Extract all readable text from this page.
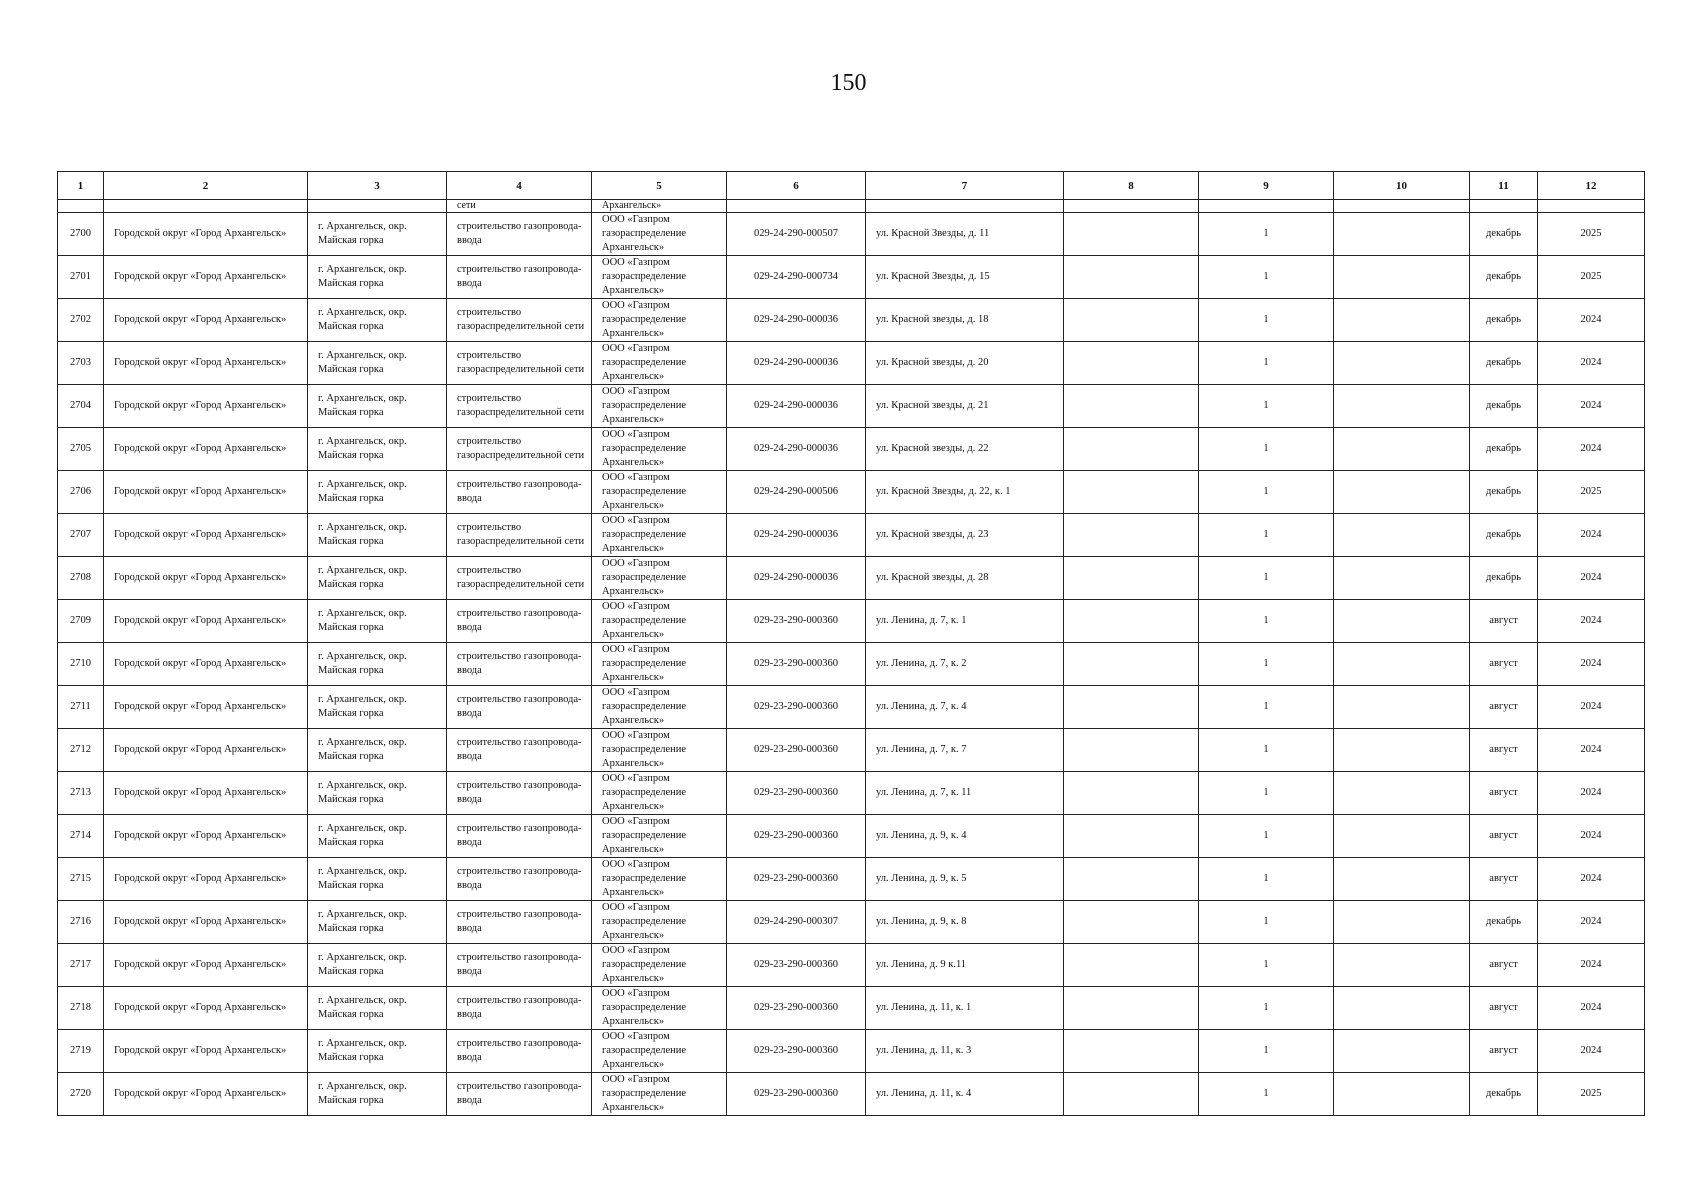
150
1	2	3	4	5	6	7	8	9	10	11	12
			сети	Архангельск»							
2700	Городской округ «Город Архангельск»	г. Архангельск, окр. Майская горка	строительство газопровода-ввода	ООО «Газпром газораспределение Архангельск»	029-24-290-000507	ул. Красной Звезды, д. 11		1		декабрь	2025
2701	Городской округ «Город Архангельск»	г. Архангельск, окр. Майская горка	строительство газопровода-ввода	ООО «Газпром газораспределение Архангельск»	029-24-290-000734	ул. Красной Звезды, д. 15		1		декабрь	2025
2702	Городской округ «Город Архангельск»	г. Архангельск, окр. Майская горка	строительство газораспределительной сети	ООО «Газпром газораспределение Архангельск»	029-24-290-000036	ул. Красной звезды, д. 18		1		декабрь	2024
2703	Городской округ «Город Архангельск»	г. Архангельск, окр. Майская горка	строительство газораспределительной сети	ООО «Газпром газораспределение Архангельск»	029-24-290-000036	ул. Красной звезды, д. 20		1		декабрь	2024
2704	Городской округ «Город Архангельск»	г. Архангельск, окр. Майская горка	строительство газораспределительной сети	ООО «Газпром газораспределение Архангельск»	029-24-290-000036	ул. Красной звезды, д. 21		1		декабрь	2024
2705	Городской округ «Город Архангельск»	г. Архангельск, окр. Майская горка	строительство газораспределительной сети	ООО «Газпром газораспределение Архангельск»	029-24-290-000036	ул. Красной звезды, д. 22		1		декабрь	2024
2706	Городской округ «Город Архангельск»	г. Архангельск, окр. Майская горка	строительство газопровода-ввода	ООО «Газпром газораспределение Архангельск»	029-24-290-000506	ул. Красной Звезды, д. 22, к. 1		1		декабрь	2025
2707	Городской округ «Город Архангельск»	г. Архангельск, окр. Майская горка	строительство газораспределительной сети	ООО «Газпром газораспределение Архангельск»	029-24-290-000036	ул. Красной звезды, д. 23		1		декабрь	2024
2708	Городской округ «Город Архангельск»	г. Архангельск, окр. Майская горка	строительство газораспределительной сети	ООО «Газпром газораспределение Архангельск»	029-24-290-000036	ул. Красной звезды, д. 28		1		декабрь	2024
2709	Городской округ «Город Архангельск»	г. Архангельск, окр. Майская горка	строительство газопровода-ввода	ООО «Газпром газораспределение Архангельск»	029-23-290-000360	ул. Ленина, д. 7, к. 1		1		август	2024
2710	Городской округ «Город Архангельск»	г. Архангельск, окр. Майская горка	строительство газопровода-ввода	ООО «Газпром газораспределение Архангельск»	029-23-290-000360	ул. Ленина, д. 7, к. 2		1		август	2024
2711	Городской округ «Город Архангельск»	г. Архангельск, окр. Майская горка	строительство газопровода-ввода	ООО «Газпром газораспределение Архангельск»	029-23-290-000360	ул. Ленина, д. 7, к. 4		1		август	2024
2712	Городской округ «Город Архангельск»	г. Архангельск, окр. Майская горка	строительство газопровода-ввода	ООО «Газпром газораспределение Архангельск»	029-23-290-000360	ул. Ленина, д. 7, к. 7		1		август	2024
2713	Городской округ «Город Архангельск»	г. Архангельск, окр. Майская горка	строительство газопровода-ввода	ООО «Газпром газораспределение Архангельск»	029-23-290-000360	ул. Ленина, д. 7, к. 11		1		август	2024
2714	Городской округ «Город Архангельск»	г. Архангельск, окр. Майская горка	строительство газопровода-ввода	ООО «Газпром газораспределение Архангельск»	029-23-290-000360	ул. Ленина, д. 9, к. 4		1		август	2024
2715	Городской округ «Город Архангельск»	г. Архангельск, окр. Майская горка	строительство газопровода-ввода	ООО «Газпром газораспределение Архангельск»	029-23-290-000360	ул. Ленина, д. 9, к. 5		1		август	2024
2716	Городской округ «Город Архангельск»	г. Архангельск, окр. Майская горка	строительство газопровода-ввода	ООО «Газпром газораспределение Архангельск»	029-24-290-000307	ул. Ленина, д. 9, к. 8		1		декабрь	2024
2717	Городской округ «Город Архангельск»	г. Архангельск, окр. Майская горка	строительство газопровода-ввода	ООО «Газпром газораспределение Архангельск»	029-23-290-000360	ул. Ленина, д. 9 к.11		1		август	2024
2718	Городской округ «Город Архангельск»	г. Архангельск, окр. Майская горка	строительство газопровода-ввода	ООО «Газпром газораспределение Архангельск»	029-23-290-000360	ул. Ленина, д. 11, к. 1		1		август	2024
2719	Городской округ «Город Архангельск»	г. Архангельск, окр. Майская горка	строительство газопровода-ввода	ООО «Газпром газораспределение Архангельск»	029-23-290-000360	ул. Ленина, д. 11, к. 3		1		август	2024
2720	Городской округ «Город Архангельск»	г. Архангельск, окр. Майская горка	строительство газопровода-ввода	ООО «Газпром газораспределение Архангельск»	029-23-290-000360	ул. Ленина, д. 11, к. 4		1		декабрь	2025
